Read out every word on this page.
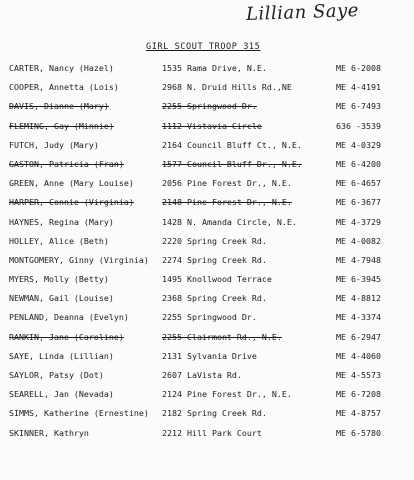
Lillian Saye
GIRL SCOUT TROOP 315
CARTER, Nancy (Hazel)	1535 Rama Drive, N.E.	ME 6-2008
COOPER, Annetta (Lois)	2968 N. Druid Hills Rd.,NE	ME 4-4191
DAVIS, Dianne (Mary)	2255 Springwood Dr.	ME 6-7493
FLEMING, Gay (Minnie)	1112 Vistavia Circle	636 -3539
FUTCH, Judy (Mary)	2164 Council Bluff Ct., N.E.	ME 4-0329
GASTON, Patricia (Fran)	1577 Council Bluff Dr., N.E.	ME 6-4200
GREEN, Anne (Mary Louise)	2056 Pine Forest Dr., N.E.	ME 6-4657
HARPER, Connie (Virginia)	2148 Pine Forest Dr., N.E.	ME 6-3677
HAYNES, Regina (Mary)	1428 N. Amanda Circle, N.E.	ME 4-3729
HOLLEY, Alice (Beth)	2220 Spring Creek Rd.	ME 4-0082
MONTGOMERY, Ginny (Virginia) 2274 Spring Creek Rd.	ME 4-7948
MYERS, Molly (Betty)	1495 Knollwood Terrace	ME 6-3945
NEWMAN, Gail (Louise)	2368 Spring Creek Rd.	ME 4-8812
PENLAND, Deanna (Evelyn)	2255 Springwood Dr.	ME 4-3374
RANKIN, Jane (Caroline)	2255 Clairmont Rd., N.E.	ME 6-2947
SAYE, Linda (Lillian)	2131 Sylvania Drive	ME 4-4060
SAYLOR, Patsy (Dot)	2607 LaVista Rd.	ME 4-5573
SEARELL, Jan (Nevada)	2124 Pine Forest Dr., N.E.	ME 6-7208
SIMMS, Katherine (Ernestine) 2182 Spring Creek Rd.	ME 4-8757
SKINNER, Kathryn	2212 Hill Park Court	ME 6-5780
